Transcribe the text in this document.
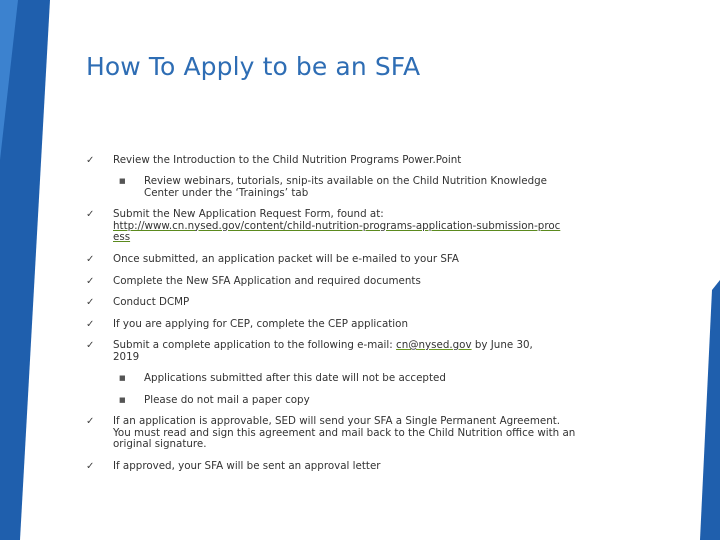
How To Apply to be an SFA
✓	Review the Introduction to the Child Nutrition Programs Power.Point
■ Review webinars, tutorials, snip-its available on the Child Nutrition Knowledge Center under the ‘Trainings’ tab
✓	Submit the New Application Request Form, found at:
http://www.cn.nysed.gov/content/child-nutrition-programs-application-submission-process
✓	Once submitted, an application packet will be e-mailed to your SFA
✓	Complete the New SFA Application and required documents
✓	Conduct DCMP
✓	If you are applying for CEP, complete the CEP application
✓	Submit a complete application to the following e-mail: cn@nysed.gov by June 30, 2019
■ Applications submitted after this date will not be accepted
■ Please do not mail a paper copy
✓	If an application is approvable, SED will send your SFA a Single Permanent Agreement. You must read and sign this agreement and mail back to the Child Nutrition office with an original signature.
✓	If approved, your SFA will be sent an approval letter
